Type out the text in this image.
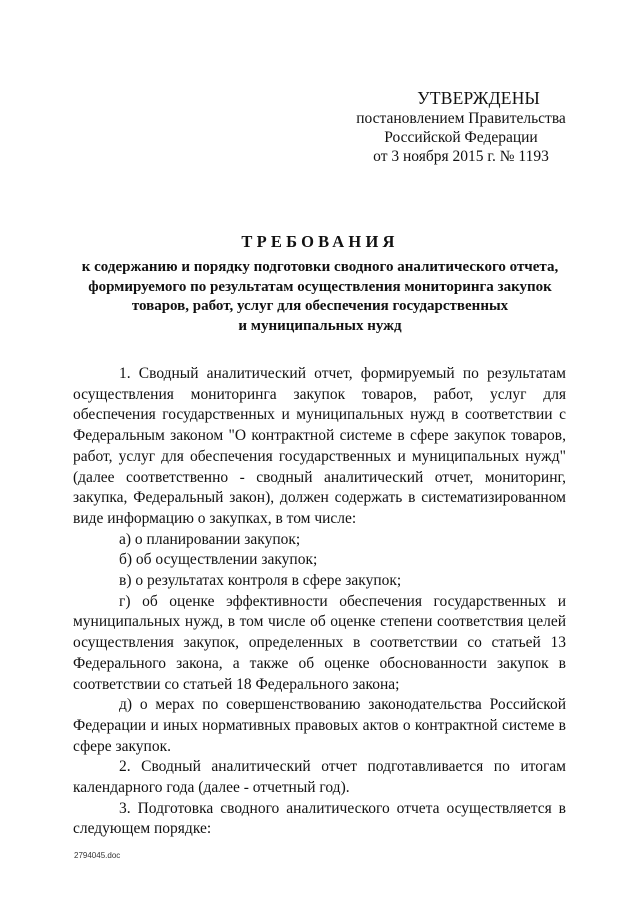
УТВЕРЖДЕНЫ
постановлением Правительства
Российской Федерации
от 3 ноября 2015 г. № 1193
ТРЕБОВАНИЯ
к содержанию и порядку подготовки сводного аналитического отчета,
формируемого по результатам осуществления мониторинга закупок
товаров, работ, услуг для обеспечения государственных
и муниципальных нужд

1. Сводный аналитический отчет, формируемый по результатам осуществления мониторинга закупок товаров, работ, услуг для обеспечения государственных и муниципальных нужд в соответствии с Федеральным законом "О контрактной системе в сфере закупок товаров, работ, услуг для обеспечения государственных и муниципальных нужд" (далее соответственно - сводный аналитический отчет, мониторинг, закупка, Федеральный закон), должен содержать в систематизированном виде информацию о закупках, в том числе:

а) о планировании закупок;

б) об осуществлении закупок;

в) о результатах контроля в сфере закупок;

г) об оценке эффективности обеспечения государственных и муниципальных нужд, в том числе об оценке степени соответствия целей осуществления закупок, определенных в соответствии со статьей 13 Федерального закона, а также об оценке обоснованности закупок в соответствии со статьей 18 Федерального закона;

д) о мерах по совершенствованию законодательства Российской Федерации и иных нормативных правовых актов о контрактной системе в сфере закупок.

2. Сводный аналитический отчет подготавливается по итогам календарного года (далее - отчетный год).

3. Подготовка сводного аналитического отчета осуществляется в следующем порядке:

2794045.doc
